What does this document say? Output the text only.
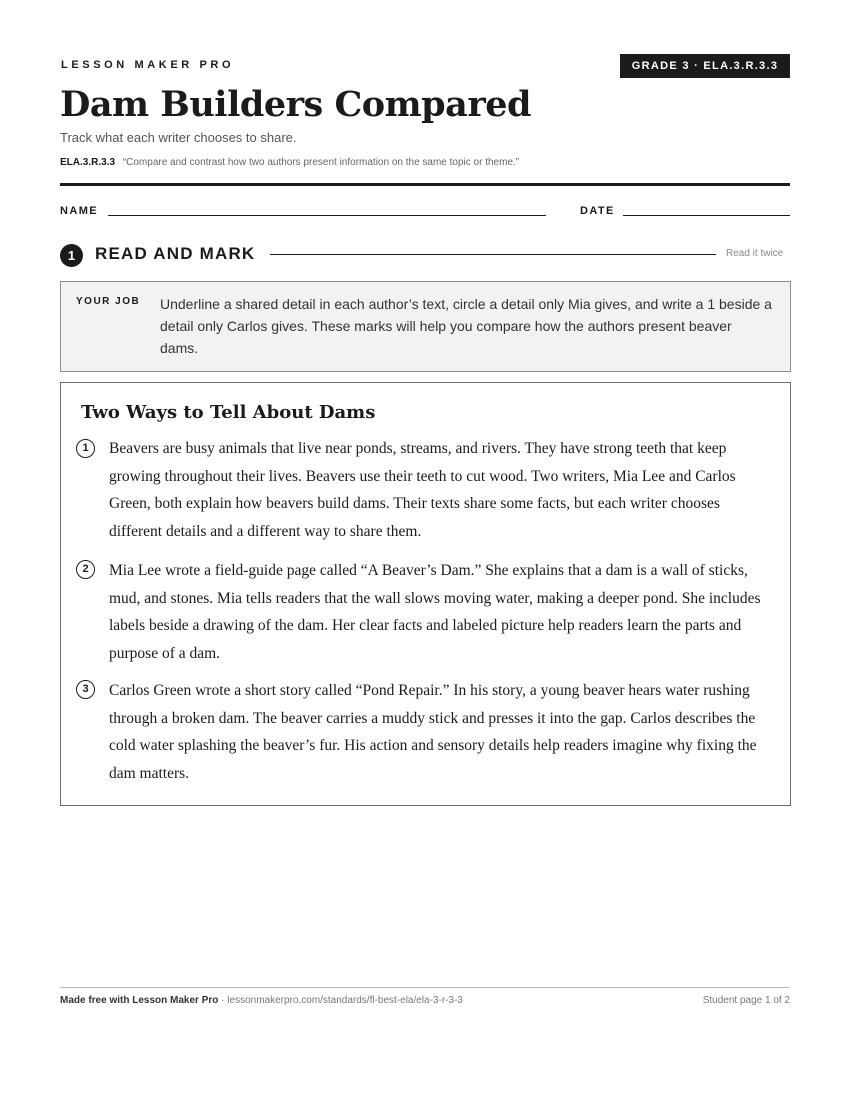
LESSON MAKER PRO	GRADE 3 · ELA.3.R.3.3
Dam Builders Compared
Track what each writer chooses to share.
ELA.3.R.3.3 “Compare and contrast how two authors present information on the same topic or theme.”
NAME	DATE
1	READ AND MARK	Read it twice
YOUR JOB Underline a shared detail in each author’s text, circle a detail only Mia gives, and write a 1 beside a detail only Carlos gives. These marks will help you compare how the authors present beaver dams.
Two Ways to Tell About Dams
1	Beavers are busy animals that live near ponds, streams, and rivers. They have strong teeth that keep growing throughout their lives. Beavers use their teeth to cut wood. Two writers, Mia Lee and Carlos Green, both explain how beavers build dams. Their texts share some facts, but each writer chooses different details and a different way to share them.

2	Mia Lee wrote a field-guide page called “A Beaver’s Dam.” She explains that a dam is a wall of sticks, mud, and stones. Mia tells readers that the wall slows moving water, making a deeper pond. She includes labels beside a drawing of the dam. Her clear facts and labeled picture help readers learn the parts and purpose of a dam.

3	Carlos Green wrote a short story called “Pond Repair.” In his story, a young beaver hears water rushing through a broken dam. The beaver carries a muddy stick and presses it into the gap. Carlos describes the cold water splashing the beaver’s fur. His action and sensory details help readers imagine why fixing the dam matters.

Made free with Lesson Maker Pro · lessonmakerpro.com/standards/fl-best-ela/ela-3-r-3-3	Student page 1 of 2
